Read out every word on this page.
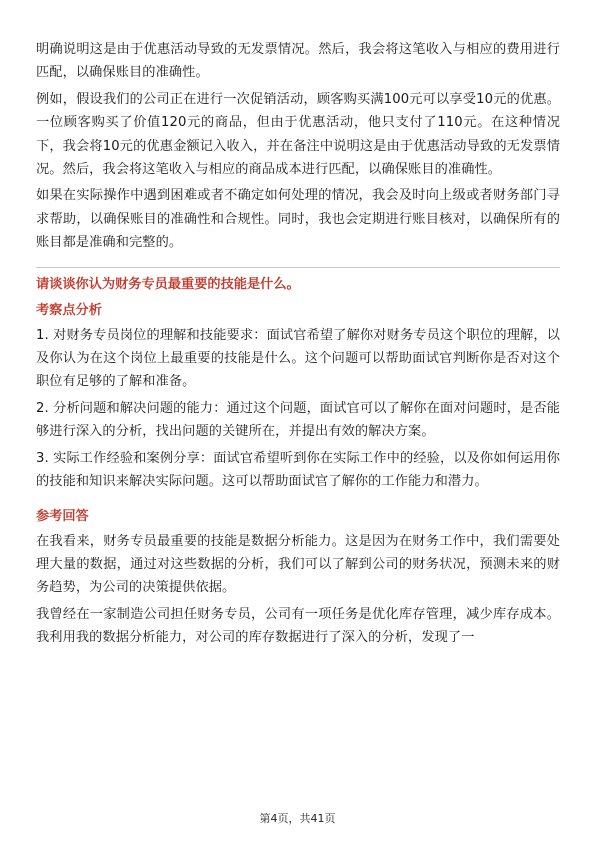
明确说明这是由于优惠活动导致的无发票情况。然后，我会将这笔收入与相应的费用进行匹配，以确保账目的准确性。

例如，假设我们的公司正在进行一次促销活动，顾客购买满100元可以享受10元的优惠。一位顾客购买了价值120元的商品，但由于优惠活动，他只支付了110元。在这种情况下，我会将10元的优惠金额记入收入，并在备注中说明这是由于优惠活动导致的无发票情况。然后，我会将这笔收入与相应的商品成本进行匹配，以确保账目的准确性。

如果在实际操作中遇到困难或者不确定如何处理的情况，我会及时向上级或者财务部门寻求帮助，以确保账目的准确性和合规性。同时，我也会定期进行账目核对，以确保所有的账目都是准确和完整的。

请谈谈你认为财务专员最重要的技能是什么。
考察点分析

1. 对财务专员岗位的理解和技能要求：面试官希望了解你对财务专员这个职位的理解，以及你认为在这个岗位上最重要的技能是什么。这个问题可以帮助面试官判断你是否对这个职位有足够的了解和准备。

2. 分析问题和解决问题的能力：通过这个问题，面试官可以了解你在面对问题时，是否能够进行深入的分析，找出问题的关键所在，并提出有效的解决方案。

3. 实际工作经验和案例分享：面试官希望听到你在实际工作中的经验，以及你如何运用你的技能和知识来解决实际问题。这可以帮助面试官了解你的工作能力和潜力。

参考回答

在我看来，财务专员最重要的技能是数据分析能力。这是因为在财务工作中，我们需要处理大量的数据，通过对这些数据的分析，我们可以了解到公司的财务状况，预测未来的财务趋势，为公司的决策提供依据。

我曾经在一家制造公司担任财务专员，公司有一项任务是优化库存管理，减少库存成本。我利用我的数据分析能力，对公司的库存数据进行了深入的分析，发现了一

第4页，共41页
